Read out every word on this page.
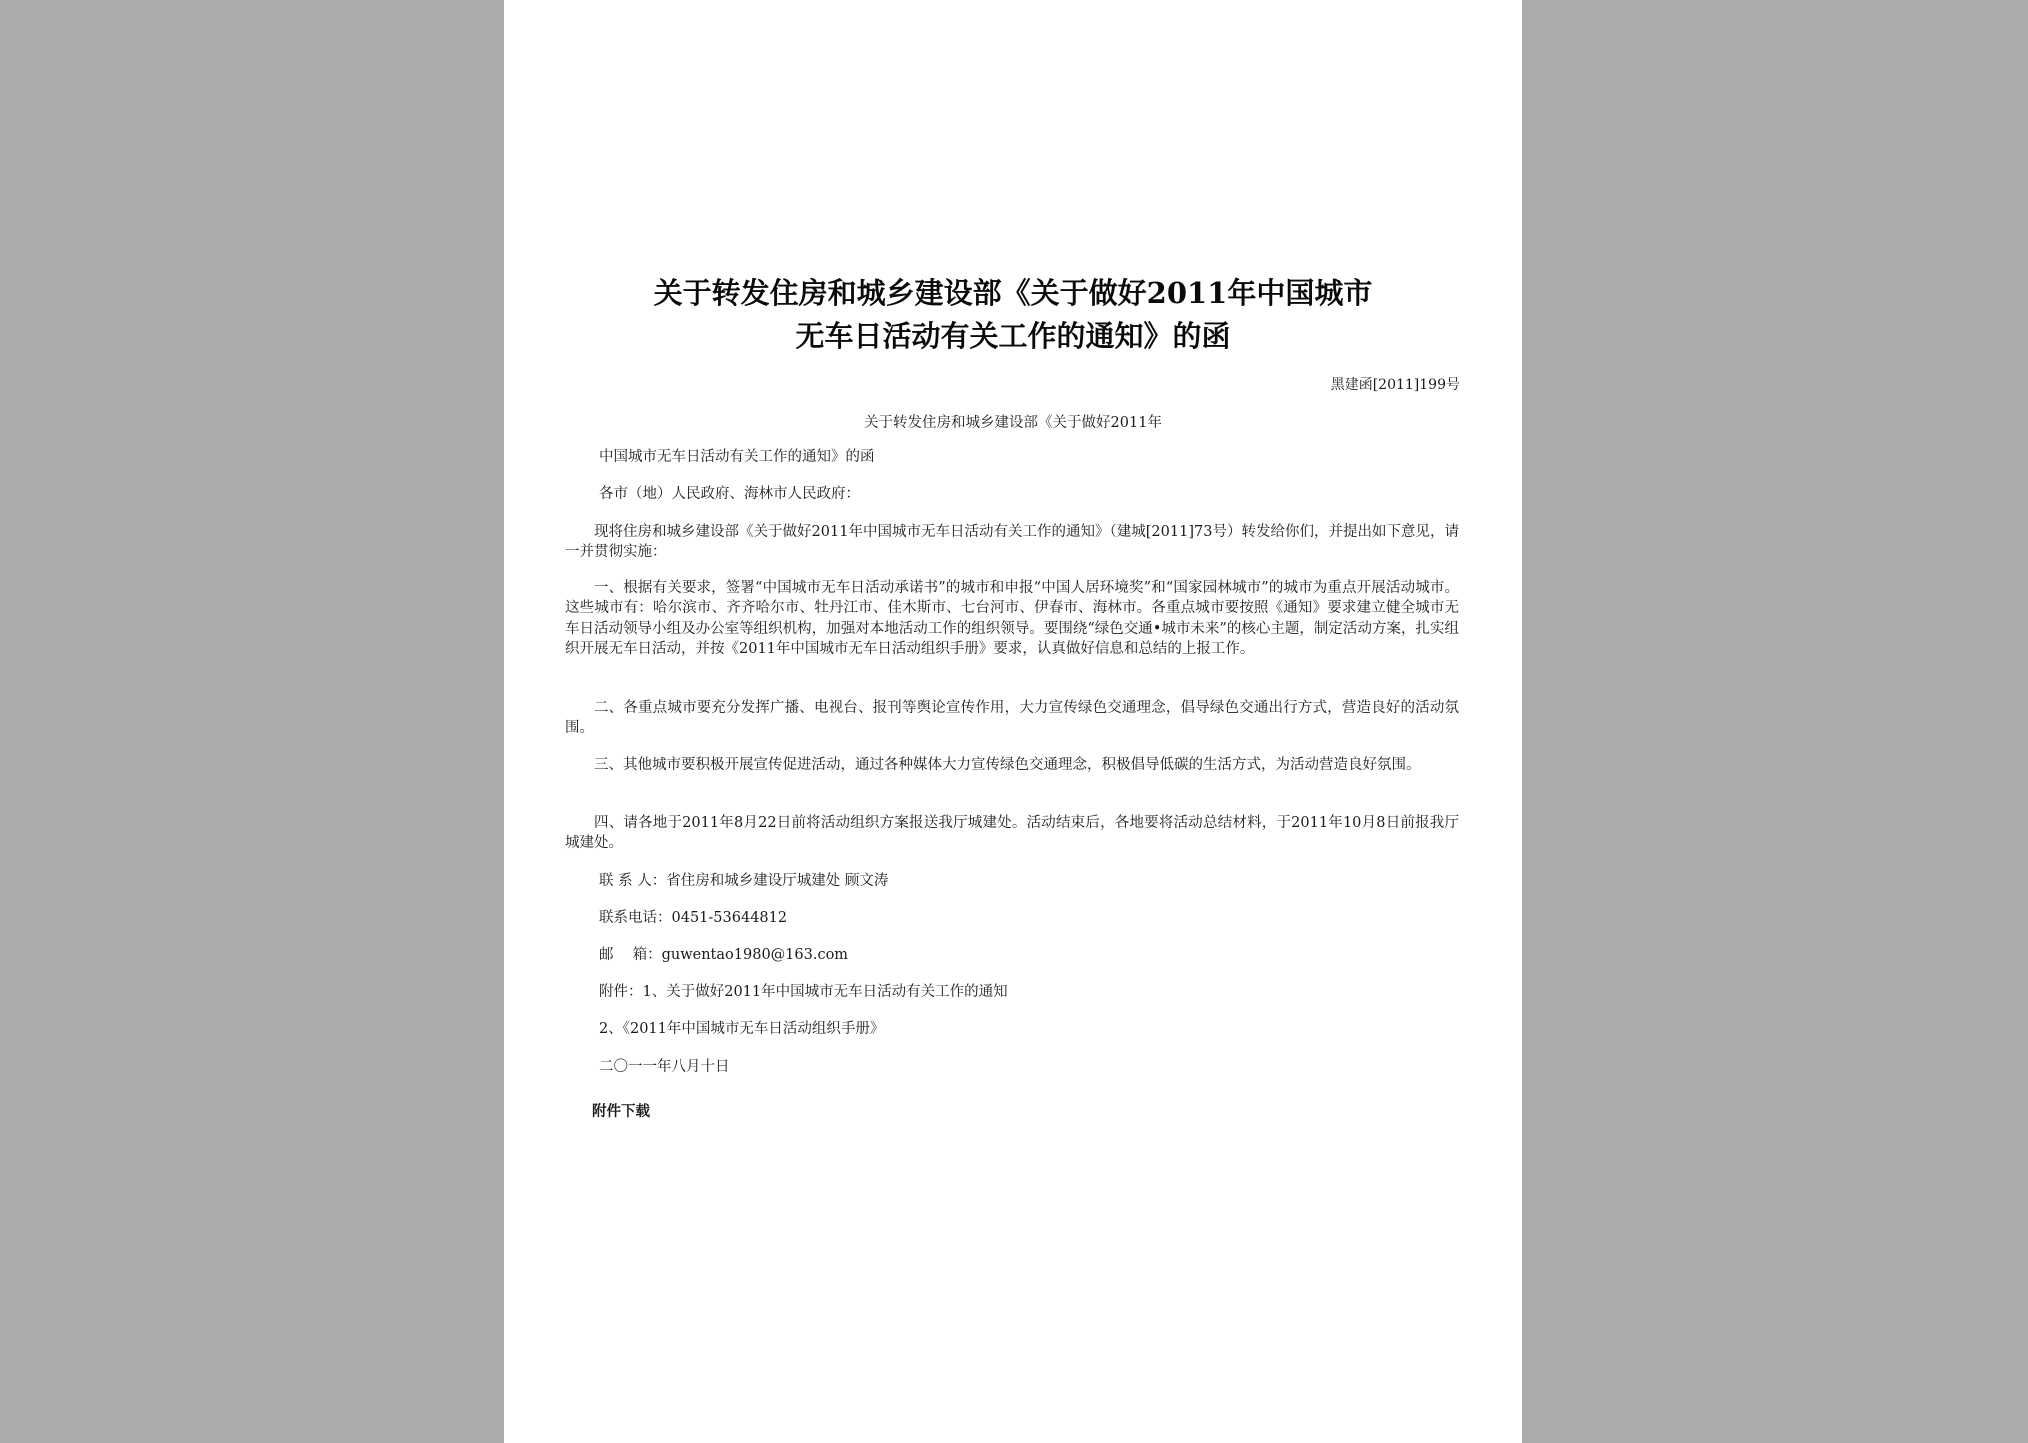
关于转发住房和城乡建设部《关于做好2011年中国城市
无车日活动有关工作的通知》的函
黑建函[2011]199号
关于转发住房和城乡建设部《关于做好2011年
中国城市无车日活动有关工作的通知》的函
各市（地）人民政府、海林市人民政府：

现将住房和城乡建设部《关于做好2011年中国城市无车日活动有关工作的通知》（建城[2011]73号）转发给你们，并提出如下意见，请一并贯彻实施：

一、根据有关要求，签署“中国城市无车日活动承诺书”的城市和申报“中国人居环境奖”和“国家园林城市”的城市为重点开展活动城市。这些城市有：哈尔滨市、齐齐哈尔市、牡丹江市、佳木斯市、七台河市、伊春市、海林市。各重点城市要按照《通知》要求建立健全城市无车日活动领导小组及办公室等组织机构，加强对本地活动工作的组织领导。要围绕“绿色交通•城市未来”的核心主题，制定活动方案，扎实组织开展无车日活动，并按《2011年中国城市无车日活动组织手册》要求，认真做好信息和总结的上报工作。

二、各重点城市要充分发挥广播、电视台、报刊等舆论宣传作用，大力宣传绿色交通理念，倡导绿色交通出行方式，营造良好的活动氛围。

三、其他城市要积极开展宣传促进活动，通过各种媒体大力宣传绿色交通理念，积极倡导低碳的生活方式，为活动营造良好氛围。

四、请各地于2011年8月22日前将活动组织方案报送我厅城建处。活动结束后，各地要将活动总结材料，于2011年10月8日前报我厅城建处。

联 系 人：省住房和城乡建设厅城建处 顾文涛
联系电话：0451-53644812
邮　 箱：guwentao1980@163.com
附件：1、关于做好2011年中国城市无车日活动有关工作的通知
2、《2011年中国城市无车日活动组织手册》
二〇一一年八月十日
附件下载
